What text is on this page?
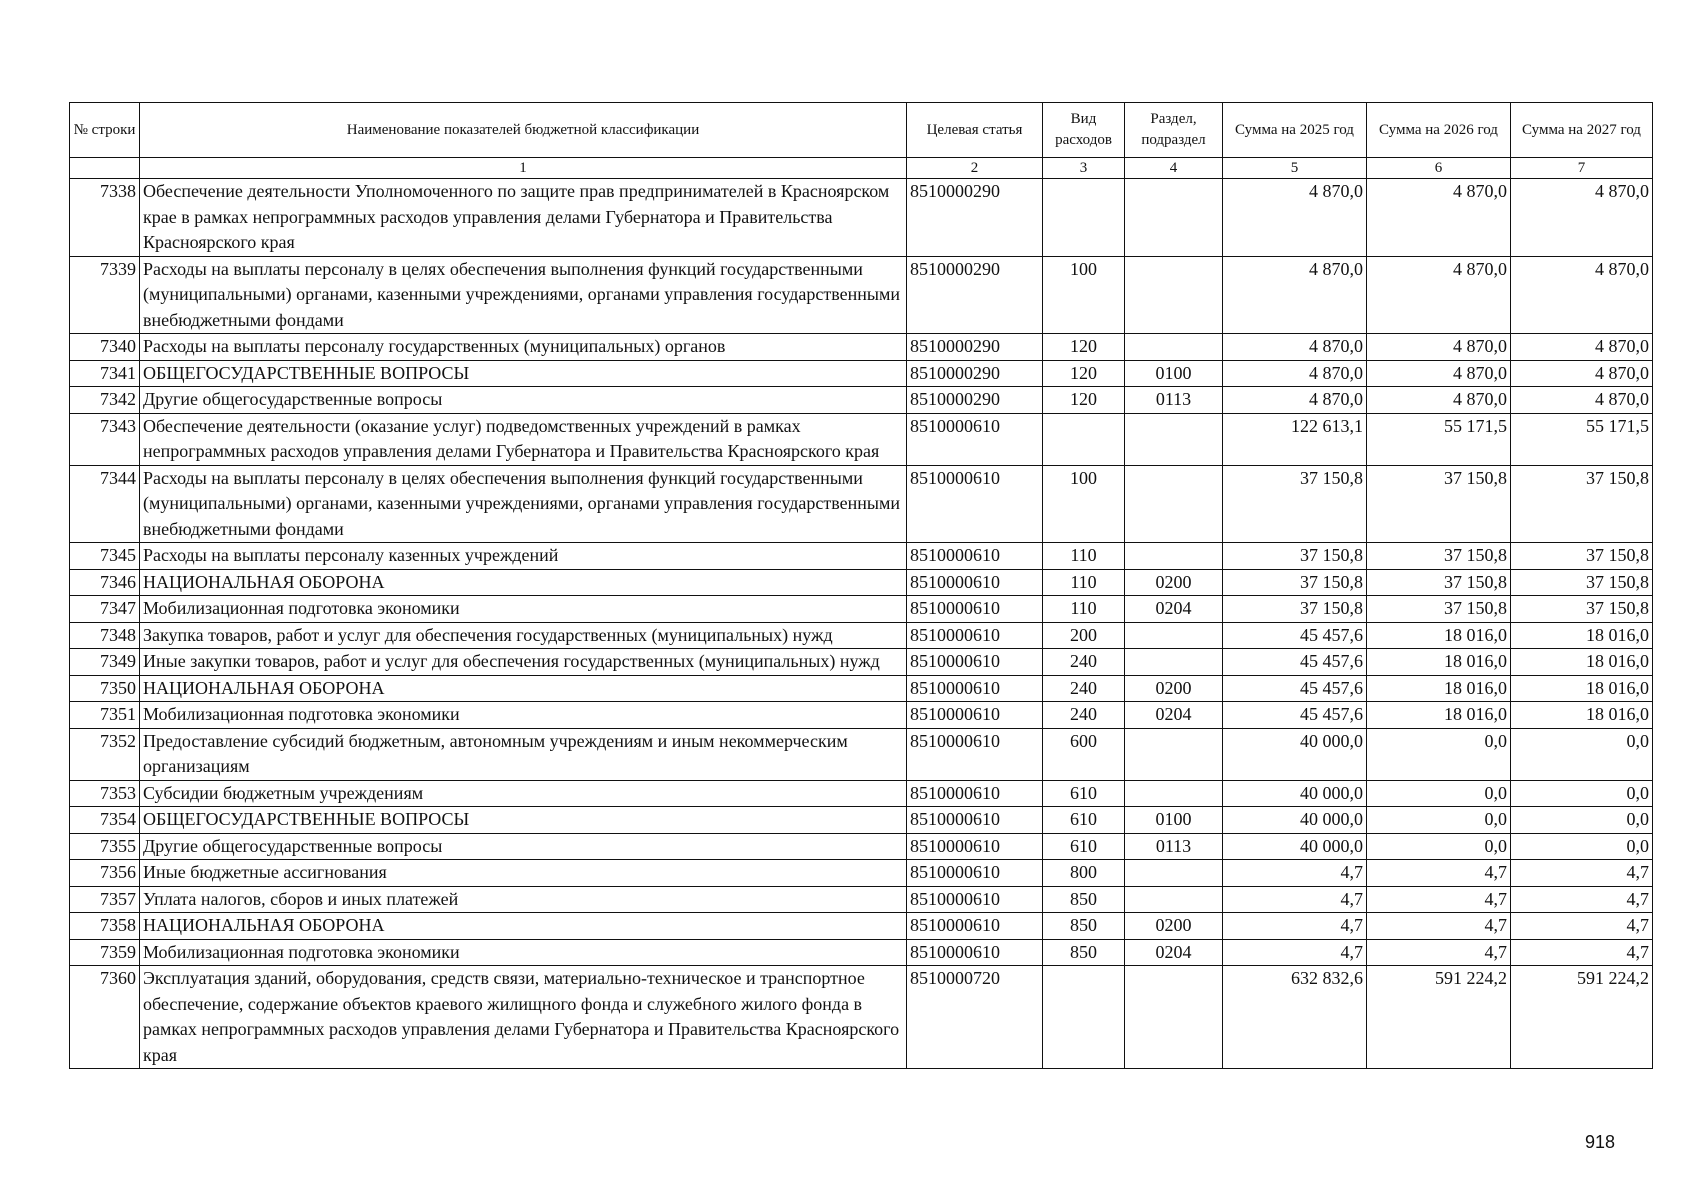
№ строки	Наименование показателей бюджетной классификации	Целевая статья	Вид расходов	Раздел, подраздел	Сумма на 2025 год	Сумма на 2026 год	Сумма на 2027 год
	1	2	3	4	5	6	7
7338	Обеспечение деятельности Уполномоченного по защите прав предпринимателей в Красноярском крае в рамках непрограммных расходов управления делами Губернатора и Правительства Красноярского края	8510000290			4 870,0	4 870,0	4 870,0
7339	Расходы на выплаты персоналу в целях обеспечения выполнения функций государственными (муниципальными) органами, казенными учреждениями, органами управления государственными внебюджетными фондами	8510000290	100		4 870,0	4 870,0	4 870,0
7340	Расходы на выплаты персоналу государственных (муниципальных) органов	8510000290	120		4 870,0	4 870,0	4 870,0
7341	ОБЩЕГОСУДАРСТВЕННЫЕ ВОПРОСЫ	8510000290	120	0100	4 870,0	4 870,0	4 870,0
7342	Другие общегосударственные вопросы	8510000290	120	0113	4 870,0	4 870,0	4 870,0
7343	Обеспечение деятельности (оказание услуг) подведомственных учреждений в рамках непрограммных расходов управления делами Губернатора и Правительства Красноярского края	8510000610			122 613,1	55 171,5	55 171,5
7344	Расходы на выплаты персоналу в целях обеспечения выполнения функций государственными (муниципальными) органами, казенными учреждениями, органами управления государственными внебюджетными фондами	8510000610	100		37 150,8	37 150,8	37 150,8
7345	Расходы на выплаты персоналу казенных учреждений	8510000610	110		37 150,8	37 150,8	37 150,8
7346	НАЦИОНАЛЬНАЯ ОБОРОНА	8510000610	110	0200	37 150,8	37 150,8	37 150,8
7347	Мобилизационная подготовка экономики	8510000610	110	0204	37 150,8	37 150,8	37 150,8
7348	Закупка товаров, работ и услуг для обеспечения государственных (муниципальных) нужд	8510000610	200		45 457,6	18 016,0	18 016,0
7349	Иные закупки товаров, работ и услуг для обеспечения государственных (муниципальных) нужд	8510000610	240		45 457,6	18 016,0	18 016,0
7350	НАЦИОНАЛЬНАЯ ОБОРОНА	8510000610	240	0200	45 457,6	18 016,0	18 016,0
7351	Мобилизационная подготовка экономики	8510000610	240	0204	45 457,6	18 016,0	18 016,0
7352	Предоставление субсидий бюджетным, автономным учреждениям и иным некоммерческим организациям	8510000610	600		40 000,0	0,0	0,0
7353	Субсидии бюджетным учреждениям	8510000610	610		40 000,0	0,0	0,0
7354	ОБЩЕГОСУДАРСТВЕННЫЕ ВОПРОСЫ	8510000610	610	0100	40 000,0	0,0	0,0
7355	Другие общегосударственные вопросы	8510000610	610	0113	40 000,0	0,0	0,0
7356	Иные бюджетные ассигнования	8510000610	800		4,7	4,7	4,7
7357	Уплата налогов, сборов и иных платежей	8510000610	850		4,7	4,7	4,7
7358	НАЦИОНАЛЬНАЯ ОБОРОНА	8510000610	850	0200	4,7	4,7	4,7
7359	Мобилизационная подготовка экономики	8510000610	850	0204	4,7	4,7	4,7
7360	Эксплуатация зданий, оборудования, средств связи, материально-техническое и транспортное обеспечение, содержание объектов краевого жилищного фонда и служебного жилого фонда в рамках непрограммных расходов управления делами Губернатора и Правительства Красноярского края	8510000720			632 832,6	591 224,2	591 224,2
918
